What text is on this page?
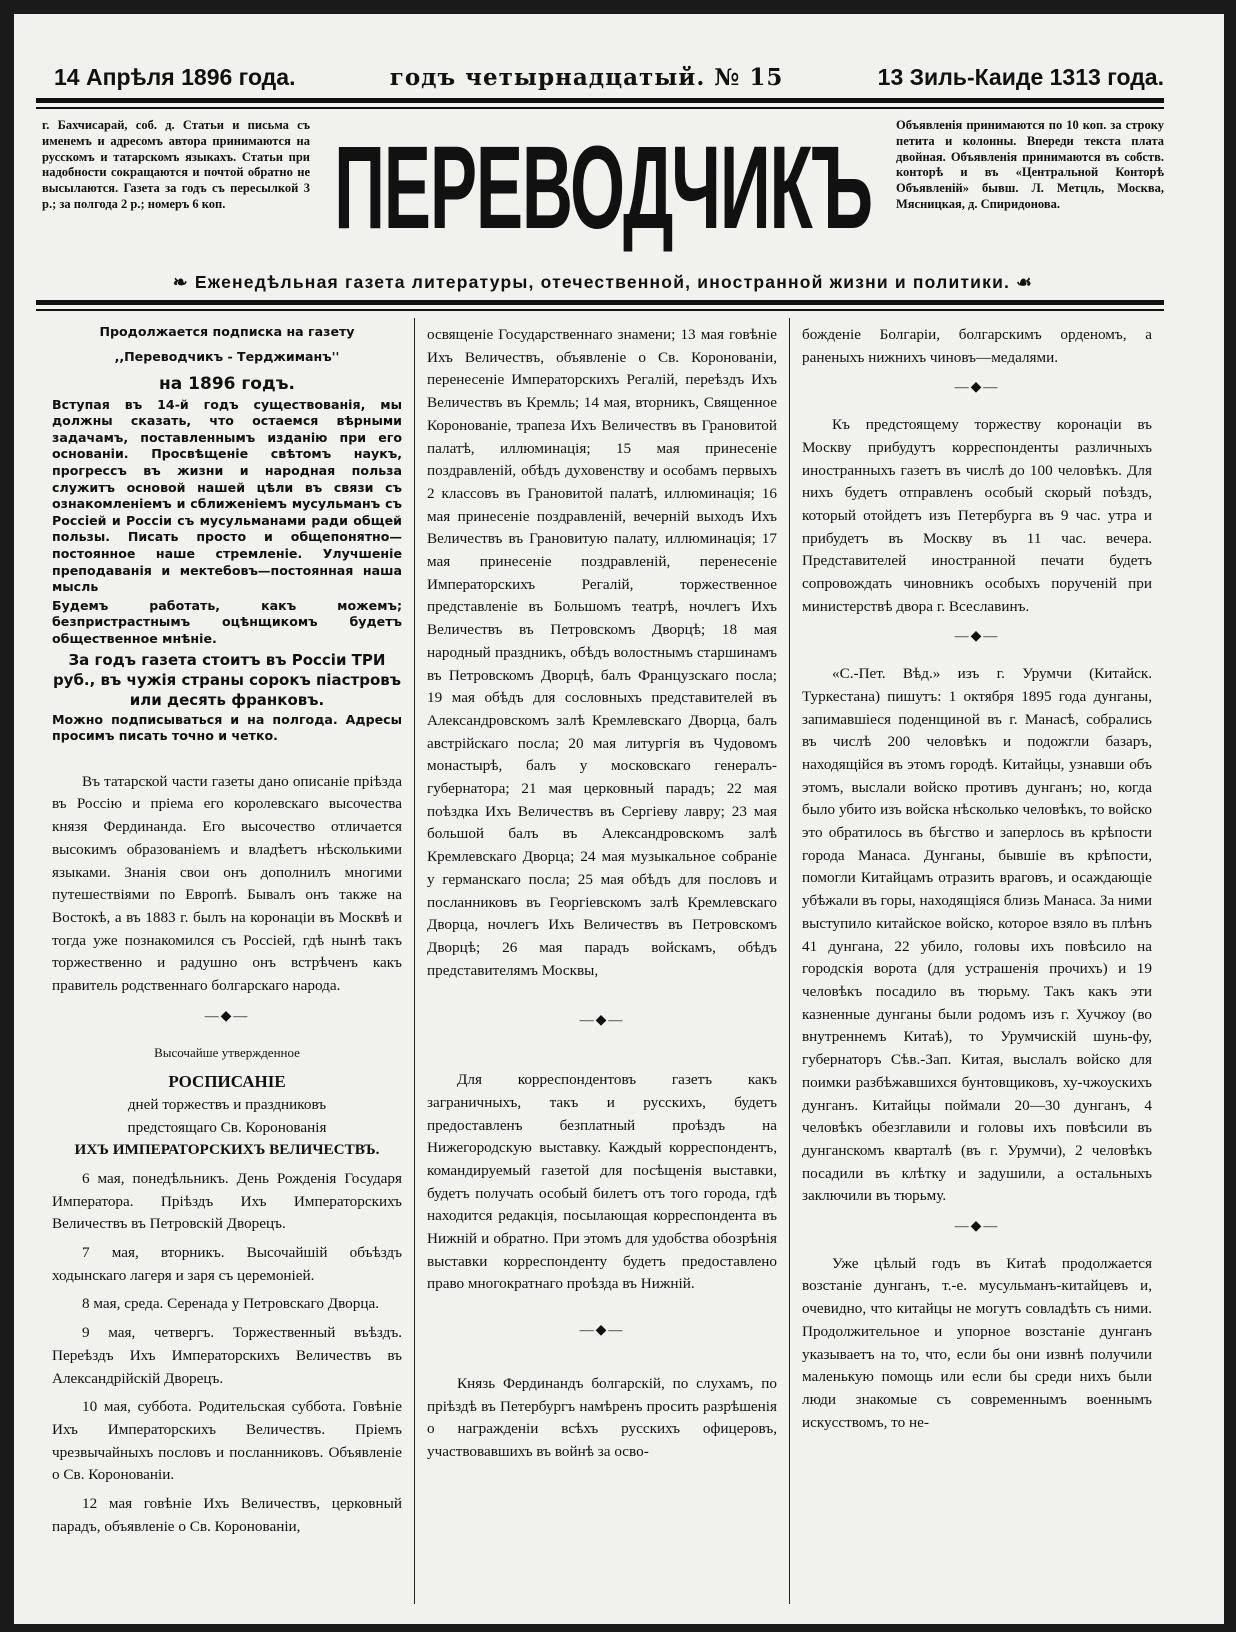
14 Апрѣля 1896 года.	годъ четырнадцатый. № 15	13 Зиль-Каиде 1313 года.
г. Бахчисарай, соб. д. Статьи и письма съ именемъ и адресомъ автора принимаются на русскомъ и татарскомъ языкахъ. Статьи при надобности сокращаются и почтой обратно не высылаются. Газета за годъ съ пересылкой 3 р.; за полгода 2 р.; номеръ 6 коп. ПЕРЕВОДЧИКЪ Объявленія принимаются по 10 коп. за строку петита и колонны. Впереди текста плата двойная. Объявленія принимаются въ собств. конторѣ и въ «Центральной Конторѣ Объявленій» бывш. Л. Метцль, Москва, Мясницкая, д. Спиридонова.
❧ Еженедѣльная газета литературы, отечественной, иностранной жизни и политики. ☙

Продолжается подписка на газету

,,Переводчикъ - Терджиманъ''

на 1896 годъ.

Вступая въ 14-й годъ существованія, мы должны сказать, что остаемся вѣрными задачамъ, поставленнымъ изданію при его основаніи. Просвѣщеніе свѣтомъ наукъ, прогрессъ въ жизни и народная польза служитъ основой нашей цѣли въ связи съ ознакомленіемъ и сближеніемъ мусульманъ съ Россіей и Россіи съ мусульманами ради общей пользы. Писать просто и общепонятно—постоянное наше стремленіе. Улучшеніе преподаванія и мектебовъ—постоянная наша мысль

Будемъ работать, какъ можемъ; безпристрастнымъ оцѣнщикомъ будетъ общественное мнѣніе.

За годъ газета стоитъ въ Россіи ТРИ руб., въ чужія страны сорокъ піастровъ или десять франковъ.

Можно подписываться и на полгода. Адресы просимъ писать точно и четко.

Въ татарской части газеты дано описаніе пріѣзда въ Россію и пріема его королевскаго высочества князя Фердинанда. Его высочество отличается высокимъ образованіемъ и владѣетъ нѣсколькими языками. Знанія свои онъ дополнилъ многими путешествіями по Европѣ. Бывалъ онъ также на Востокѣ, а въ 1883 г. былъ на коронаціи въ Москвѣ и тогда уже познакомился съ Россіей, гдѣ нынѣ такъ торжественно и радушно онъ встрѣченъ какъ правитель родственнаго болгарскаго народа.

—◆—

Высочайше утвержденное

РОСПИСАНІЕ

дней торжествъ и праздниковъ

предстоящаго Св. Коронованія

ИХЪ ИМПЕРАТОРСКИХЪ ВЕЛИЧЕСТВЪ.

6 мая, понедѣльникъ. День Рожденія Государя Императора. Пріѣздъ Ихъ Императорскихъ Величествъ въ Петровскій Дворецъ.

7 мая, вторникъ. Высочайшій объѣздъ ходынскаго лагеря и заря съ церемоніей.

8 мая, среда. Серенада у Петровскаго Дворца.

9 мая, четвергъ. Торжественный въѣздъ. Переѣздъ Ихъ Императорскихъ Величествъ въ Александрійскій Дворецъ.

10 мая, суббота. Родительская суббота. Говѣніе Ихъ Императорскихъ Величествъ. Пріемъ чрезвычайныхъ пословъ и посланниковъ. Объявленіе о Св. Коронованіи.

12 мая говѣніе Ихъ Величествъ, церковный парадъ, объявленіе о Св. Коронованіи,

освященіе Государственнаго знамени; 13 мая говѣніе Ихъ Величествъ, объявленіе о Св. Коронованіи, перенесеніе Императорскихъ Регалій, переѣздъ Ихъ Величествъ въ Кремль; 14 мая, вторникъ, Священное Коронованіе, трапеза Ихъ Величествъ въ Грановитой палатѣ, иллюминація; 15 мая принесеніе поздравленій, обѣдъ духовенству и особамъ первыхъ 2 классовъ въ Грановитой палатѣ, иллюминація; 16 мая принесеніе поздравленій, вечерній выходъ Ихъ Величествъ въ Грановитую палату, иллюминація; 17 мая принесеніе поздравленій, перенесеніе Императорскихъ Регалій, торжественное представленіе въ Большомъ театрѣ, ночлегъ Ихъ Величествъ въ Петровскомъ Дворцѣ; 18 мая народный праздникъ, обѣдъ волостнымъ старшинамъ въ Петровскомъ Дворцѣ, балъ Французскаго посла; 19 мая обѣдъ для сословныхъ представителей въ Александровскомъ залѣ Кремлевскаго Дворца, балъ австрійскаго посла; 20 мая литургія въ Чудовомъ монастырѣ, балъ у московскаго генералъ-губернатора; 21 мая церковный парадъ; 22 мая поѣздка Ихъ Величествъ въ Сергіеву лавру; 23 мая большой балъ въ Александровскомъ залѣ Кремлевскаго Дворца; 24 мая музыкальное собраніе у германскаго посла; 25 мая обѣдъ для пословъ и посланниковъ въ Георгіевскомъ залѣ Кремлевскаго Дворца, ночлегъ Ихъ Величествъ въ Петровскомъ Дворцѣ; 26 мая парадъ войскамъ, обѣдъ представителямъ Москвы,

—◆—

Для корреспондентовъ газетъ какъ заграничныхъ, такъ и русскихъ, будетъ предоставленъ безплатный проѣздъ на Нижегородскую выставку. Каждый корреспондентъ, командируемый газетой для посѣщенія выставки, будетъ получать особый билетъ отъ того города, гдѣ находится редакція, посылающая корреспондента въ Нижній и обратно. При этомъ для удобства обозрѣнія выставки корреспонденту будетъ предоставлено право многократнаго проѣзда въ Нижній.

—◆—

Князь Фердинандъ болгарскій, по слухамъ, по пріѣздѣ въ Петербургъ намѣренъ просить разрѣшенія о награжденіи всѣхъ русскихъ офицеровъ, участвовавшихъ въ войнѣ за осво-

божденіе Болгаріи, болгарскимъ орденомъ, а раненыхъ нижнихъ чиновъ—медалями.

—◆—

Къ предстоящему торжеству коронаціи въ Москву прибудутъ корреспонденты различныхъ иностранныхъ газетъ въ числѣ до 100 человѣкъ. Для нихъ будетъ отправленъ особый скорый поѣздъ, который отойдетъ изъ Петербурга въ 9 час. утра и прибудетъ въ Москву въ 11 час. вечера. Представителей иностранной печати будетъ сопровождать чиновникъ особыхъ порученій при министерствѣ двора г. Всеславинъ.

—◆—

«С.-Пет. Вѣд.» изъ г. Урумчи (Китайск. Туркестана) пишутъ: 1 октября 1895 года дунганы, запимавшіеся поденщиной въ г. Манасѣ, собрались въ числѣ 200 человѣкъ и подожгли базаръ, находящійся въ этомъ городѣ. Китайцы, узнавши объ этомъ, выслали войско противъ дунганъ; но, когда было убито изъ войска нѣсколько человѣкъ, то войско это обратилось въ бѣгство и заперлось въ крѣпости города Манаса. Дунганы, бывшіе въ крѣпости, помогли Китайцамъ отразить враговъ, и осаждающіе убѣжали въ горы, находящіяся близь Манаса. За ними выступило китайское войско, которое взяло въ плѣнъ 41 дунгана, 22 убило, головы ихъ повѣсило на городскія ворота (для устрашенія прочихъ) и 19 человѣкъ посадило въ тюрьму. Такъ какъ эти казненные дунганы были родомъ изъ г. Хучжоу (во внутреннемъ Китаѣ), то Урумчискій шунь-фу, губернаторъ Сѣв.-Зап. Китая, выслалъ войско для поимки разбѣжавшихся бунтовщиковъ, ху-чжоускихъ дунганъ. Китайцы поймали 20—30 дунганъ, 4 человѣкъ обезглавили и головы ихъ повѣсили въ дунганскомъ кварталѣ (въ г. Урумчи), 2 человѣкъ посадили въ клѣтку и задушили, а остальныхъ заключили въ тюрьму.

—◆—

Уже цѣлый годъ въ Китаѣ продолжается возстаніе дунганъ, т.-е. мусульманъ-китайцевъ и, очевидно, что китайцы не могутъ совладѣть съ ними. Продолжительное и упорное возстаніе дунганъ указываетъ на то, что, если бы они извнѣ получили маленькую помощь или если бы среди нихъ были люди знакомые съ современнымъ военнымъ искусствомъ, то не-
